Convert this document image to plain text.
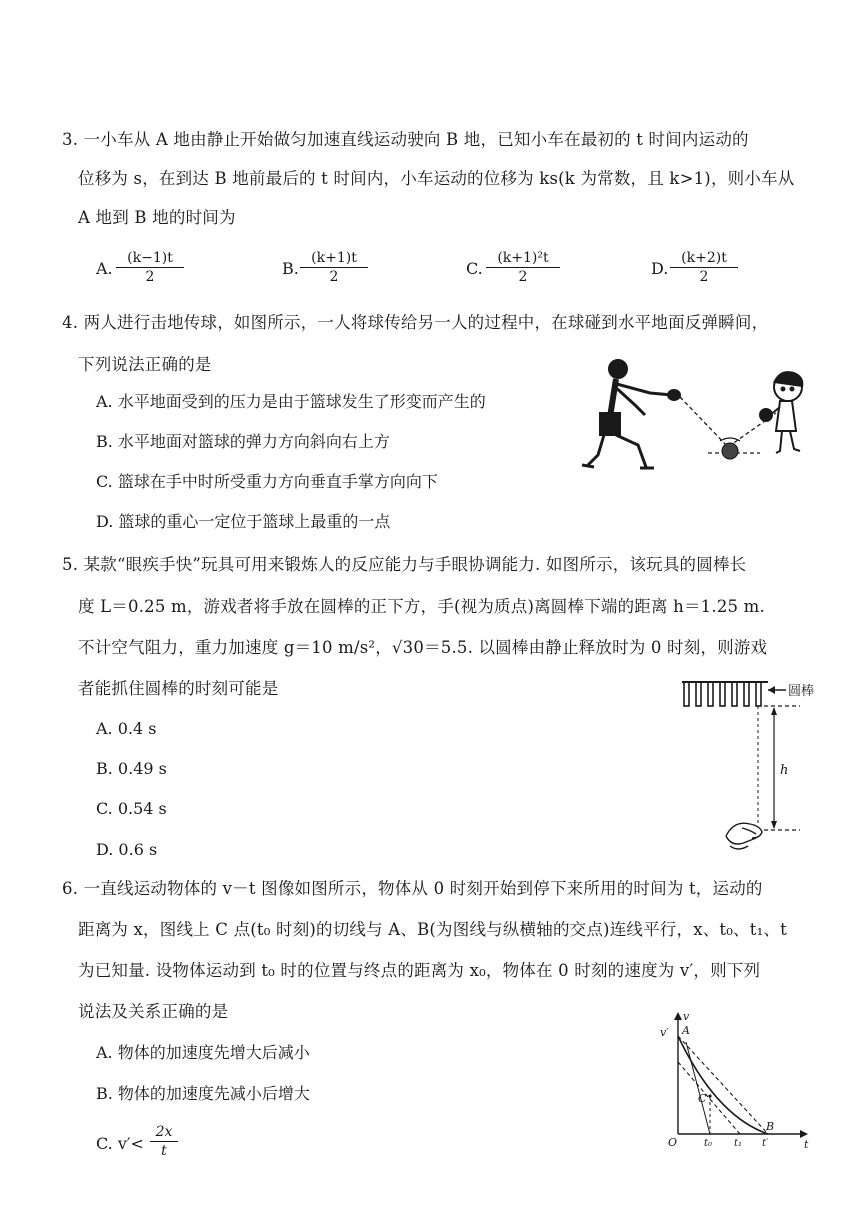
3. 一小车从 A 地由静止开始做匀加速直线运动驶向 B 地，已知小车在最初的 t 时间内运动的
位移为 s，在到达 B 地前最后的 t 时间内，小车运动的位移为 ks(k 为常数，且 k>1)，则小车从
A 地到 B 地的时间为
A. $\frac{(k-1)t}{2}$	B. $\frac{(k+1)t}{2}$	C. $\frac{\text{(k+1)²t}}{2}$	D. $\frac{(k+2)t}{2}$
4. 两人进行击地传球，如图所示，一人将球传给另一人的过程中，在球碰到水平地面反弹瞬间，
下列说法正确的是
A. 水平地面受到的压力是由于篮球发生了形变而产生的
B. 水平地面对篮球的弹力方向斜向右上方
C. 篮球在手中时所受重力方向垂直手掌方向向下
D. 篮球的重心一定位于篮球上最重的一点
5. 某款“眼疾手快”玩具可用来锻炼人的反应能力与手眼协调能力. 如图所示，该玩具的圆棒长
度 L＝0.25 m，游戏者将手放在圆棒的正下方，手(视为质点)离圆棒下端的距离 h＝1.25 m.
不计空气阻力，重力加速度 g＝10 m/s²，√30＝5.5. 以圆棒由静止释放时为 0 时刻，则游戏
者能抓住圆棒的时刻可能是
A. 0.4 s
B. 0.49 s
C. 0.54 s
D. 0.6 s
圆棒
h
6. 一直线运动物体的 v－t 图像如图所示，物体从 0 时刻开始到停下来所用的时间为 t，运动的
距离为 x，图线上 C 点(t₀ 时刻)的切线与 A、B(为图线与纵横轴的交点)连线平行，x、t₀、t₁、t
为已知量. 设物体运动到 t₀ 时的位置与终点的距离为 x₀，物体在 0 时刻的速度为 v′，则下列
说法及关系正确的是
A. 物体的加速度先增大后减小
B. 物体的加速度先减小后增大
C. $v'< \frac{2x}{t}$
v
t
O
v′ A
B
C
t₀ t₁ t′
